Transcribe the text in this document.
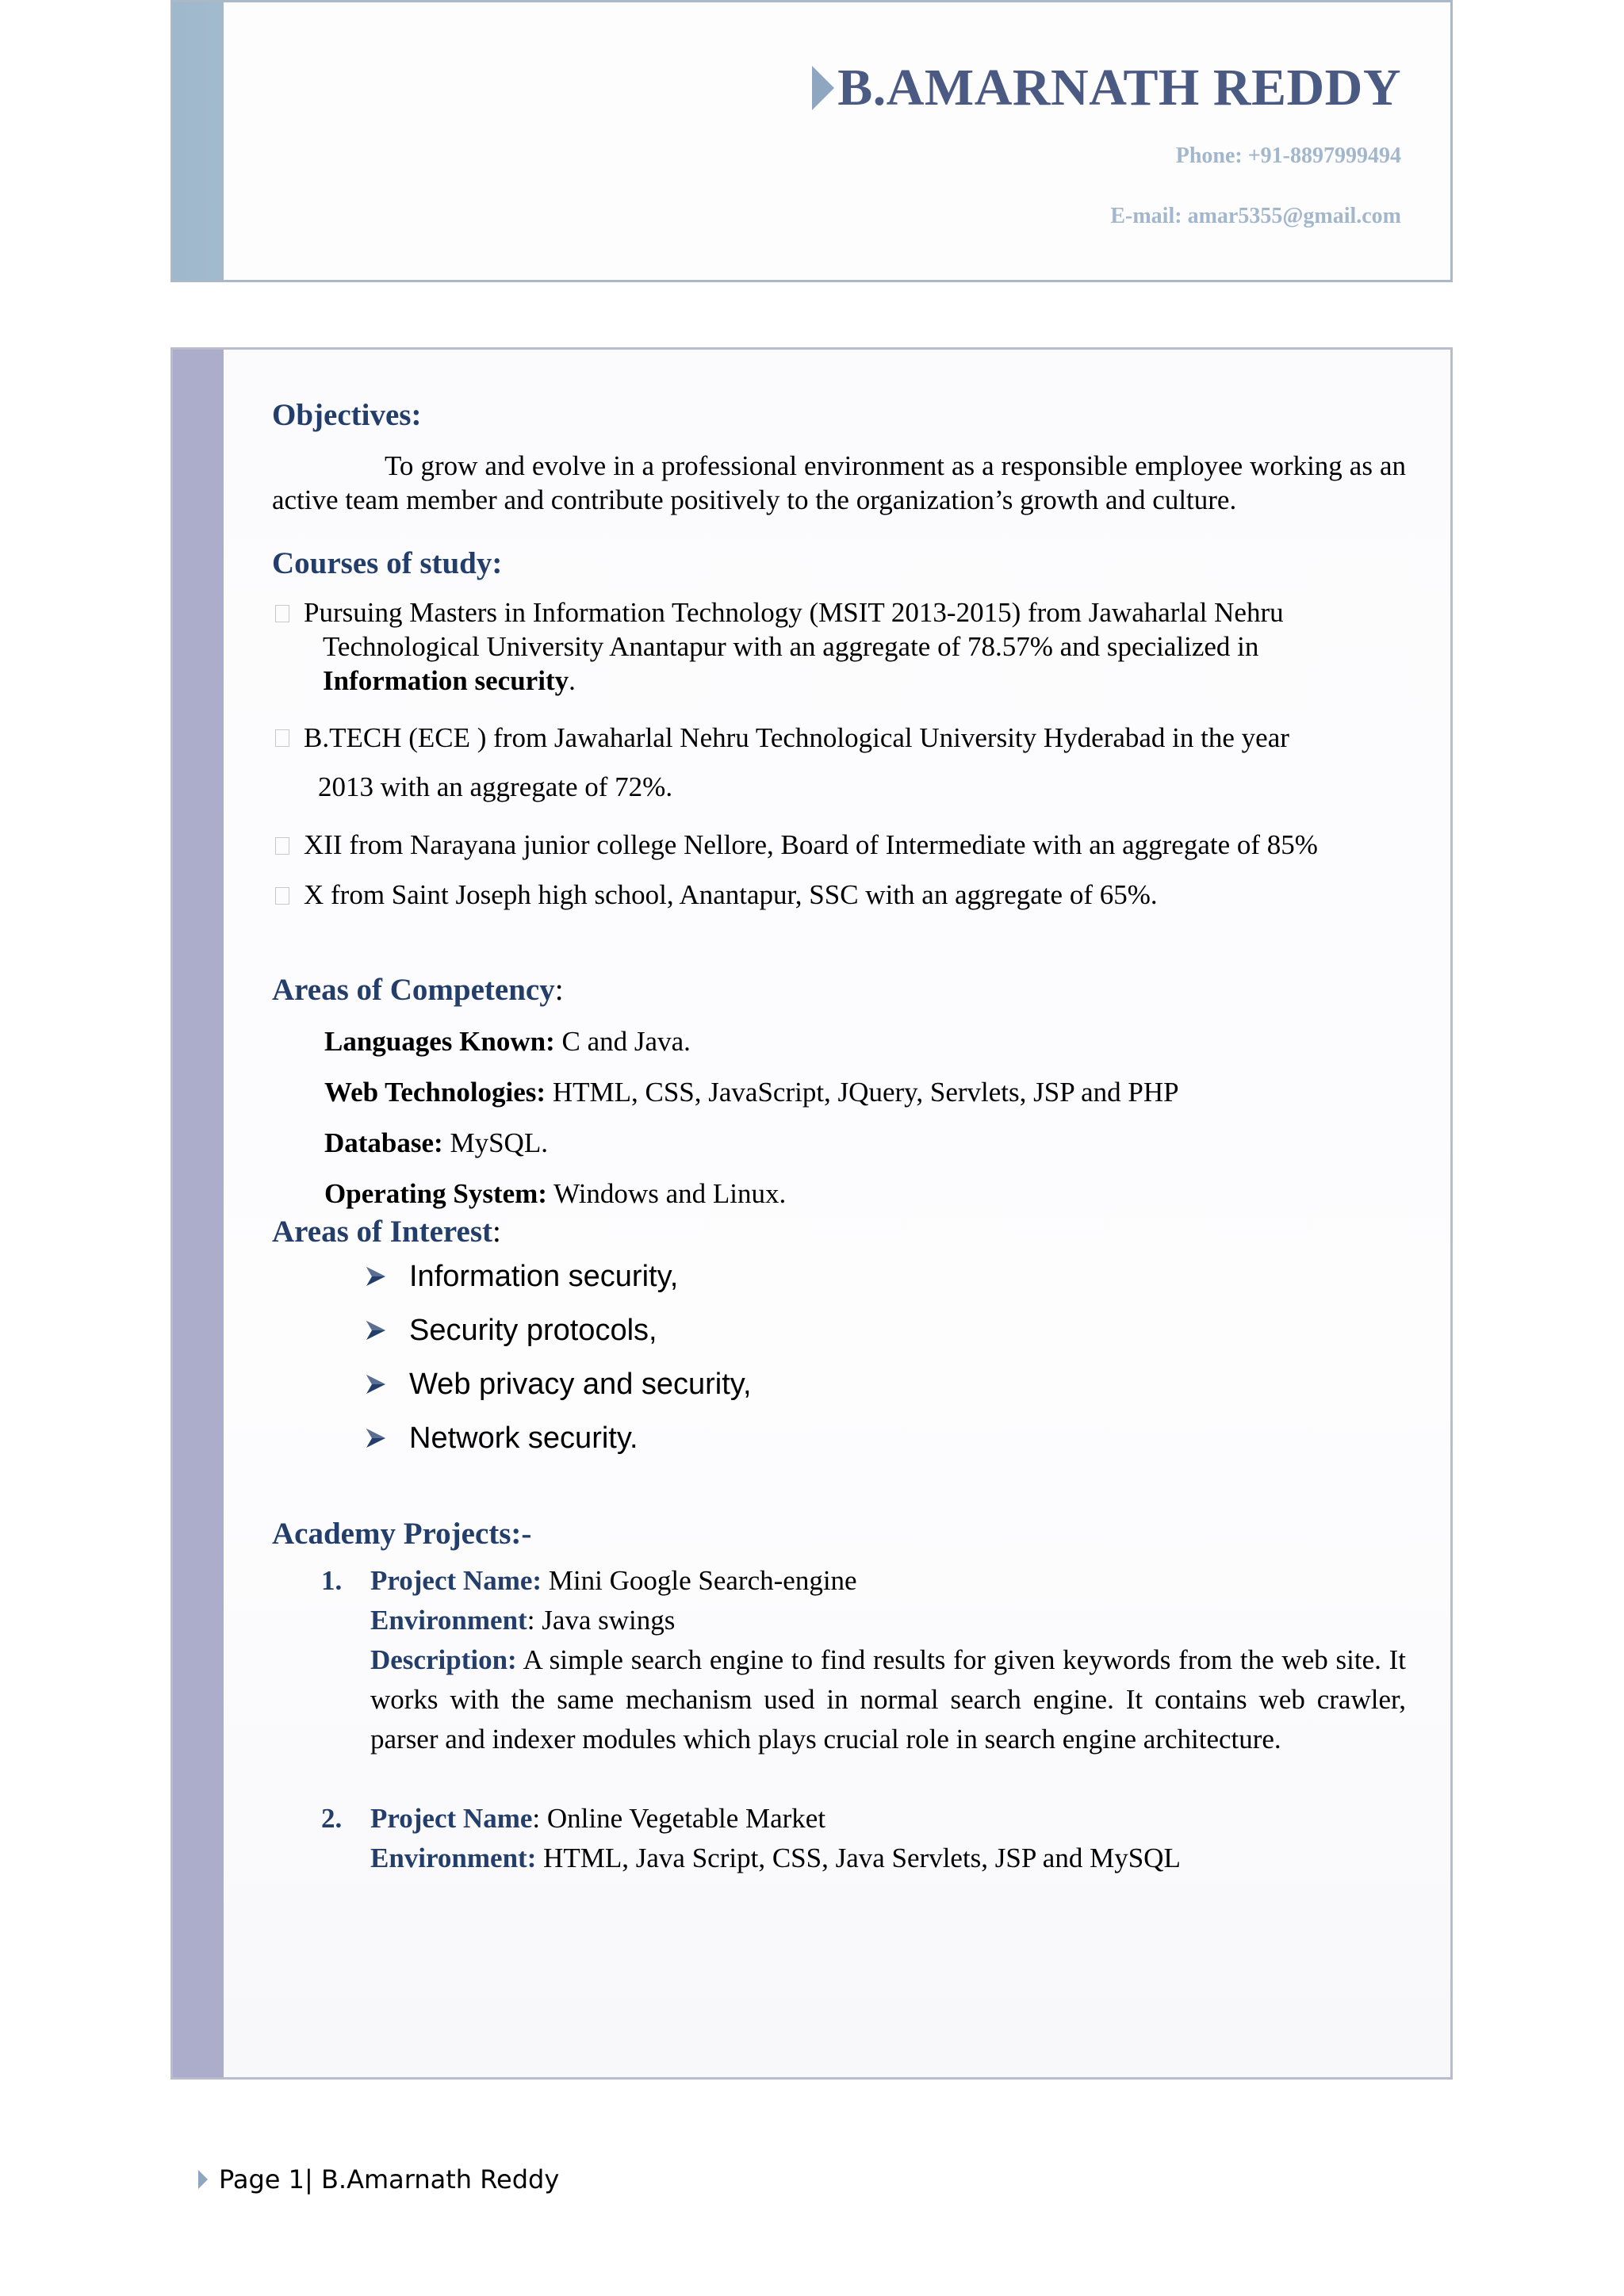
B.AMARNATH REDDY
Phone: +91-8897999494
E-mail: amar5355@gmail.com
Objectives:
To grow and evolve in a professional environment as a responsible employee working as an active team member and contribute positively to the organization’s growth and culture.
Courses of study:
Pursuing Masters in Information Technology (MSIT 2013-2015) from Jawaharlal Nehru
Technological University Anantapur with an aggregate of 78.57% and specialized in
Information security.
B.TECH (ECE ) from Jawaharlal Nehru Technological University Hyderabad in the year
2013 with an aggregate of 72%.
XII from Narayana junior college Nellore, Board of Intermediate with an aggregate of 85%
X from Saint Joseph high school, Anantapur, SSC with an aggregate of 65%.
Areas of Competency:
Languages Known: C and Java.
Web Technologies: HTML, CSS, JavaScript, JQuery, Servlets, JSP and PHP
Database: MySQL.
Operating System: Windows and Linux.
Areas of Interest:
Information security,
Security protocols,
Web privacy and security,
Network security.
Academy Projects:-
1. Project Name: Mini Google Search-engine
Environment: Java swings
Description: A simple search engine to find results for given keywords from the web site. It works with the same mechanism used in normal search engine. It contains web crawler, parser and indexer modules which plays crucial role in search engine architecture.
2. Project Name: Online Vegetable Market
Environment: HTML, Java Script, CSS, Java Servlets, JSP and MySQL
Page 1| B.Amarnath Reddy
